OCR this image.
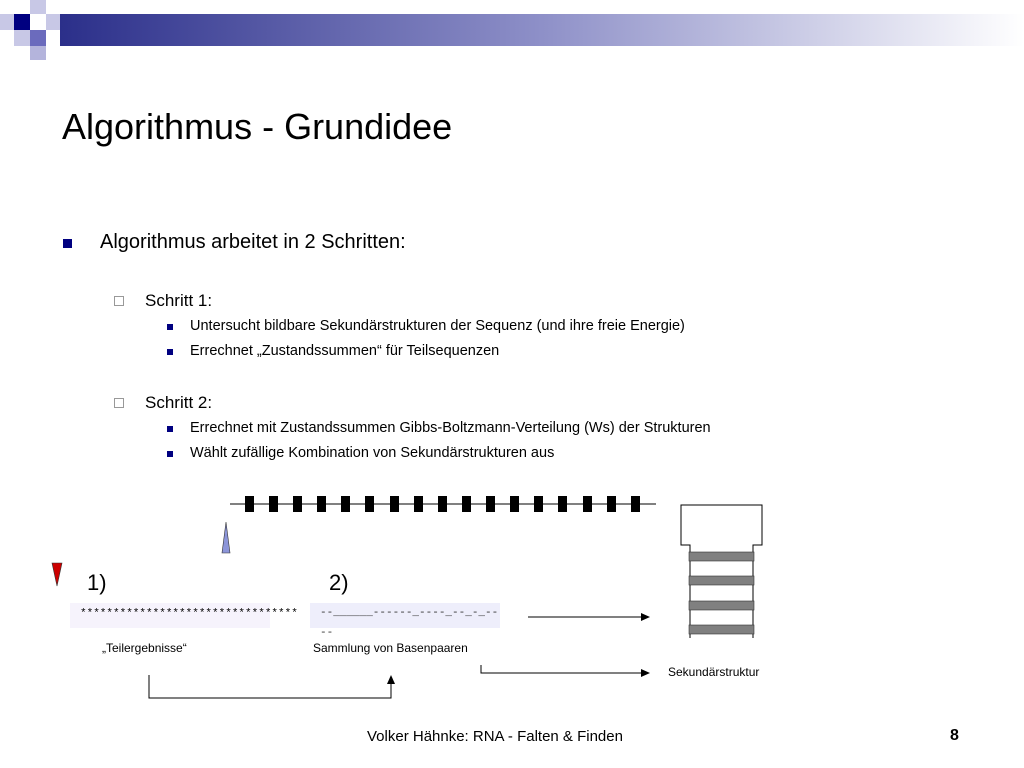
Algorithmus - Grundidee
Algorithmus arbeitet in 2 Schritten:
Schritt 1:
Untersucht bildbare Sekundärstrukturen der Sequenz (und ihre freie Energie)
Errechnet „Zustandssummen“ für Teilsequenzen
Schritt 2:
Errechnet mit Zustandssummen Gibbs-Boltzmann-Verteilung (Ws) der Strukturen
Wählt zufällige Kombination von Sekundärstrukturen aus
1)	2)
*********************************	--______------_----_--_-_----
„Teilergebnisse“	Sammlung von Basenpaaren
Sekundärstruktur
Volker Hähnke: RNA - Falten & Finden	8
